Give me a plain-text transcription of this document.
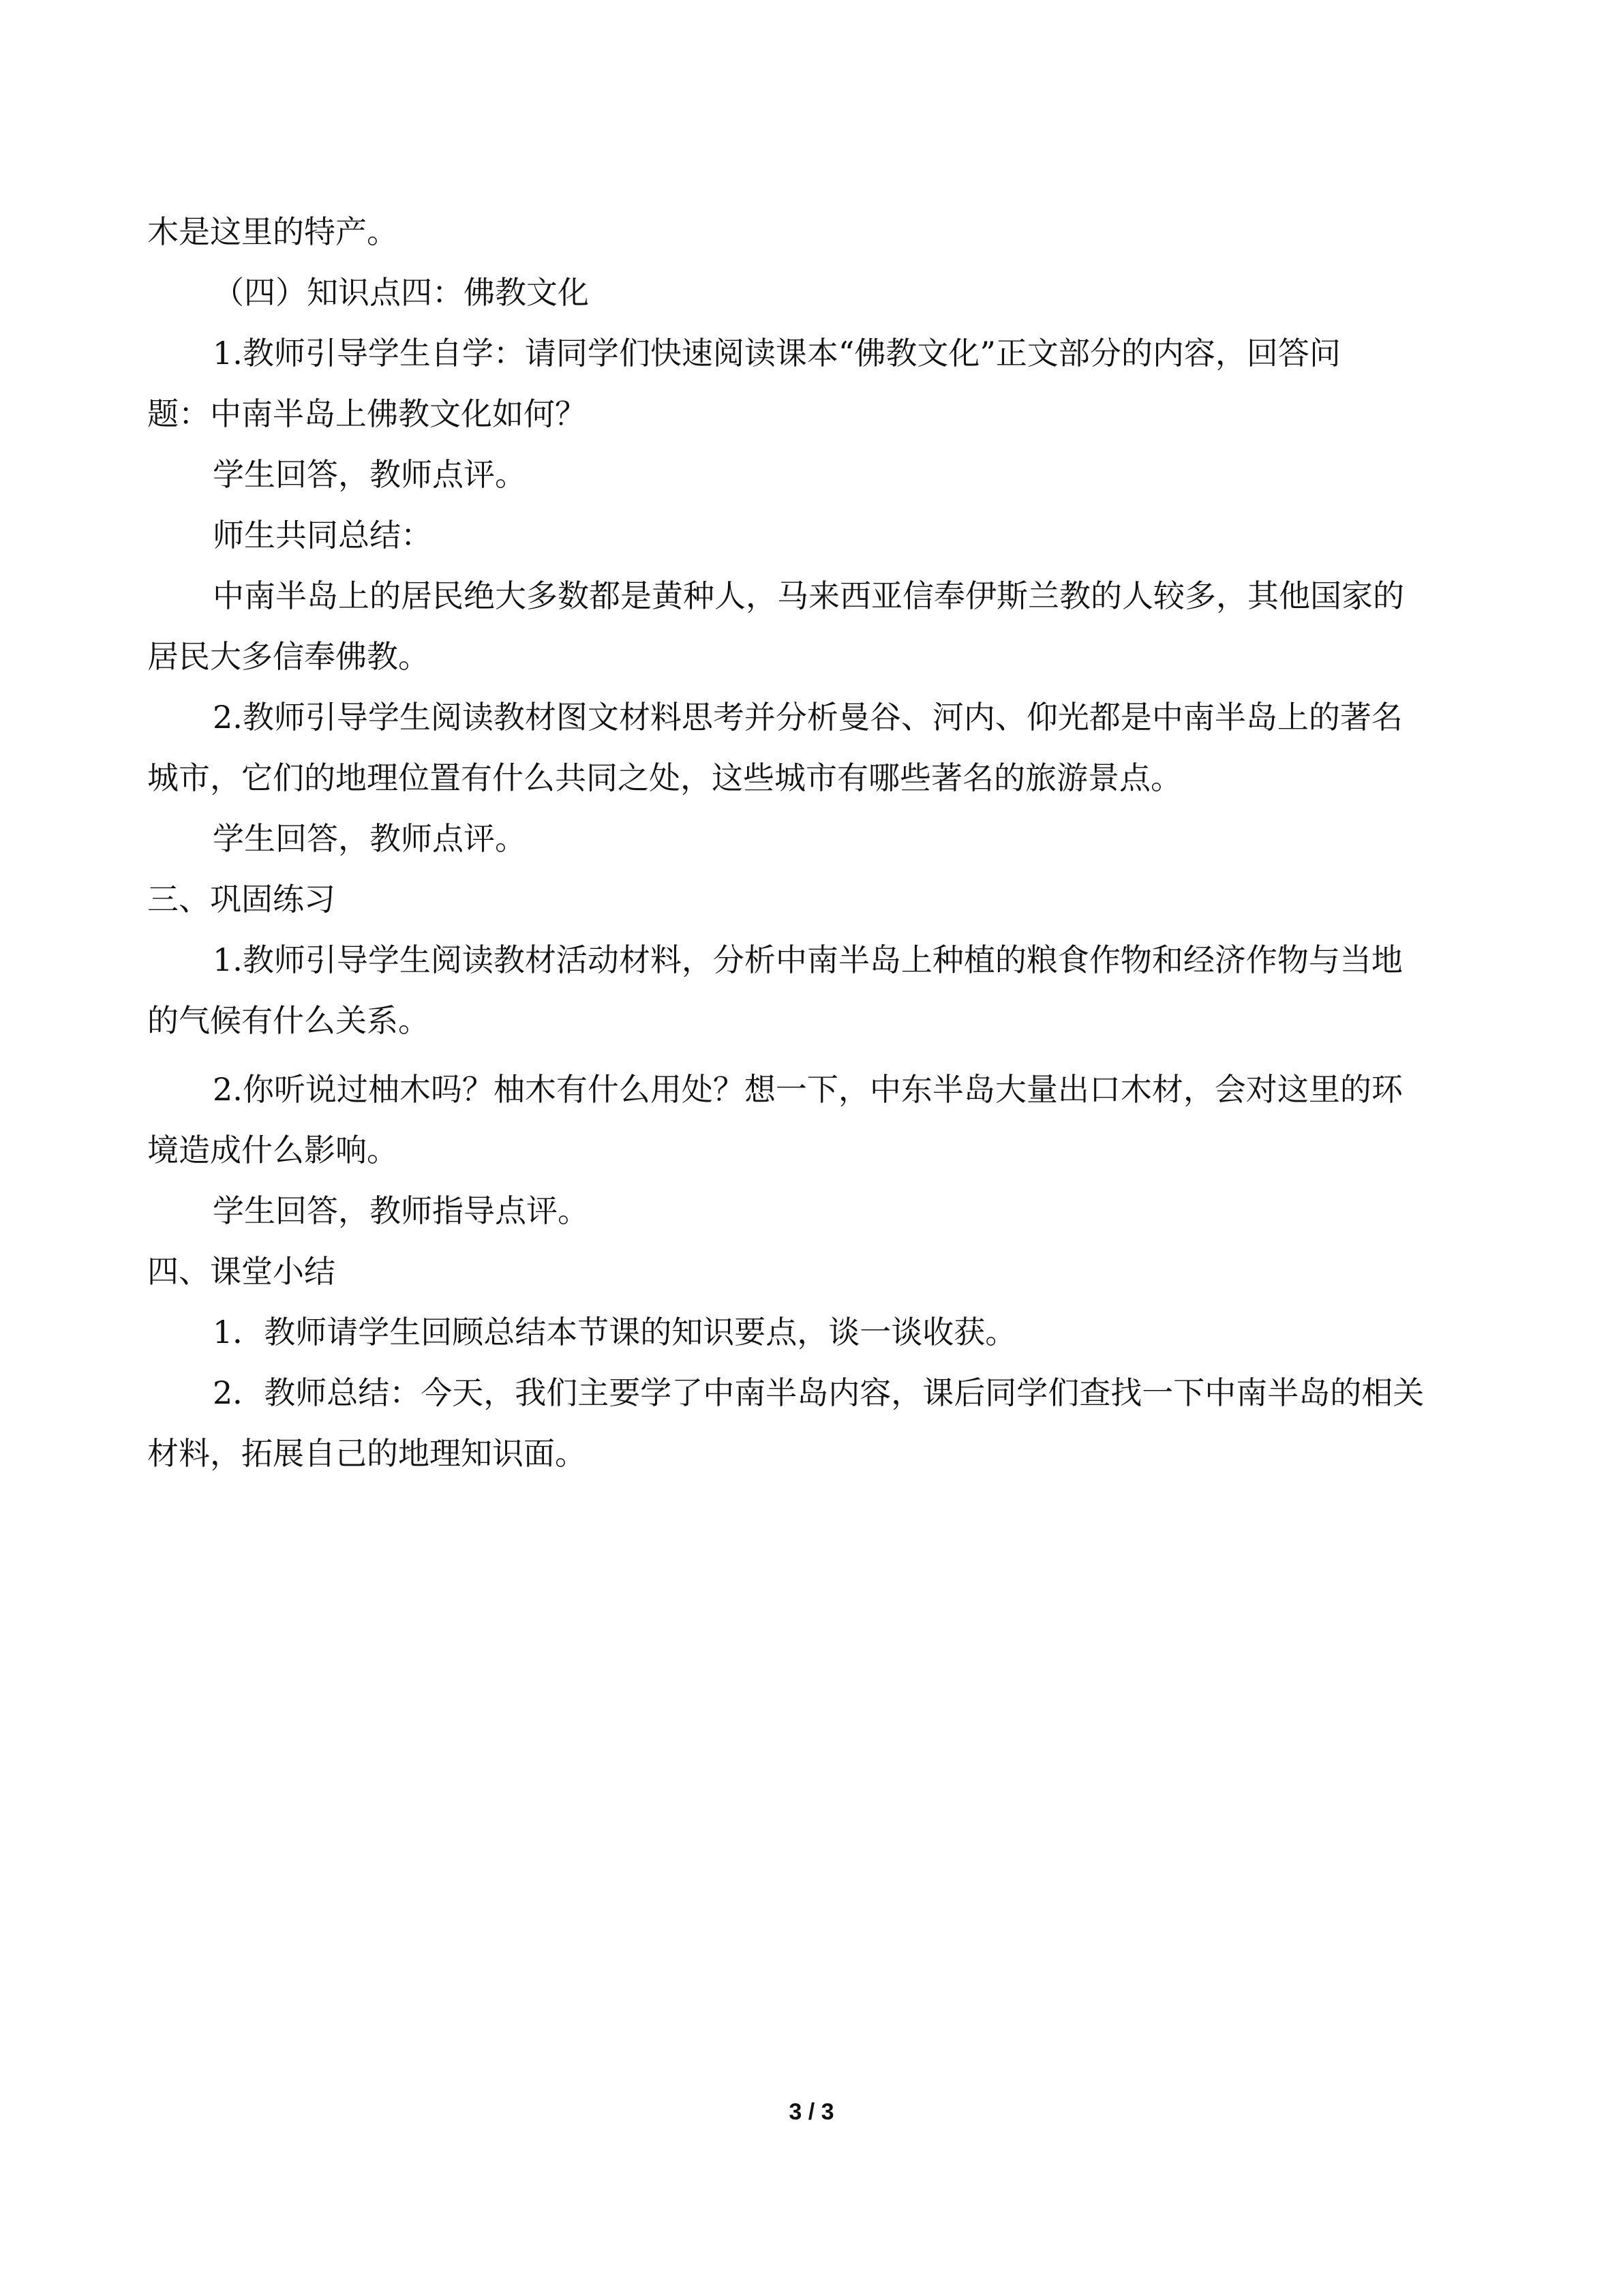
木是这里的特产。
（四）知识点四：佛教文化
1.教师引导学生自学：请同学们快速阅读课本“佛教文化”正文部分的内容，回答问
题：中南半岛上佛教文化如何？
学生回答，教师点评。
师生共同总结：
中南半岛上的居民绝大多数都是黄种人，马来西亚信奉伊斯兰教的人较多，其他国家的
居民大多信奉佛教。
2.教师引导学生阅读教材图文材料思考并分析曼谷、河内、仰光都是中南半岛上的著名
城市，它们的地理位置有什么共同之处，这些城市有哪些著名的旅游景点。
学生回答，教师点评。
三、巩固练习
1.教师引导学生阅读教材活动材料，分析中南半岛上种植的粮食作物和经济作物与当地
的气候有什么关系。
2.你听说过柚木吗？柚木有什么用处？想一下，中东半岛大量出口木材，会对这里的环
境造成什么影响。
学生回答，教师指导点评。
四、课堂小结
1．教师请学生回顾总结本节课的知识要点，谈一谈收获。
2．教师总结：今天，我们主要学了中南半岛内容，课后同学们查找一下中南半岛的相关
材料，拓展自己的地理知识面。
3 / 3
